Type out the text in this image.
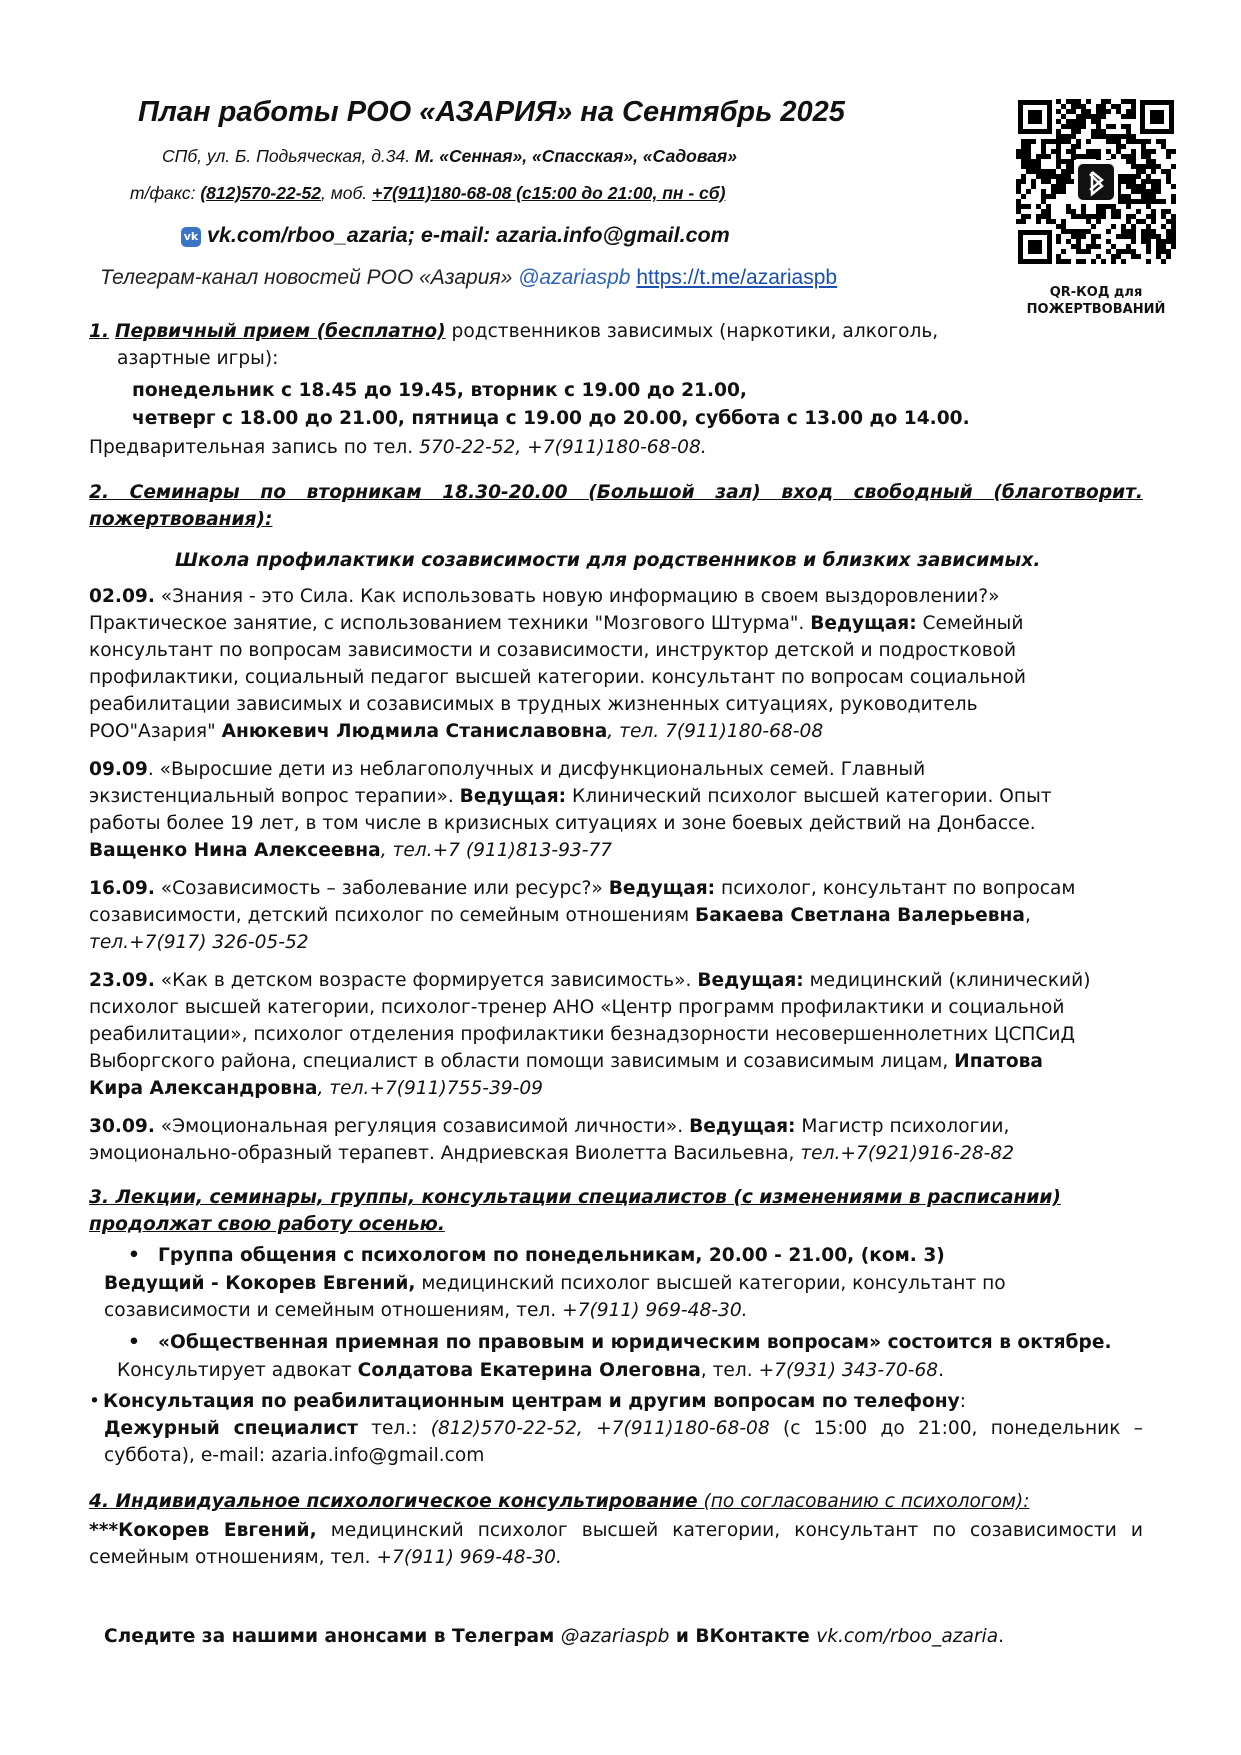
План работы РОО «АЗАРИЯ» на Сентябрь 2025
СПб, ул. Б. Подьяческая, д.34. М. «Сенная», «Спасская», «Садовая»
т/факс: (812)570-22-52, моб. +7(911)180-68-08 (с15:00 до 21:00, пн - сб)
vk vk.com/rboo_azaria; e-mail: azaria.info@gmail.com
Телеграм-канал новостей РОО «Азария» @azariaspb https://t.me/azariaspb
QR-КОД для
ПОЖЕРТВОВАНИЙ
1. Первичный прием (бесплатно) родственников зависимых (наркотики, алкоголь,
азартные игры):
понедельник с 18.45 до 19.45, вторник с 19.00 до 21.00,
четверг с 18.00 до 21.00, пятница с 19.00 до 20.00, суббота с 13.00 до 14.00.
Предварительная запись по тел. 570-22-52, +7(911)180-68-08.
2. Семинары по вторникам 18.30-20.00 (Большой зал) вход свободный (благотворит.
пожертвования):
Школа профилактики созависимости для родственников и близких зависимых.
02.09. «Знания - это Сила. Как использовать новую информацию в своем выздоровлении?»
Практическое занятие, с использованием техники "Мозгового Штурма". Ведущая: Семейный
консультант по вопросам зависимости и созависимости, инструктор детской и подростковой
профилактики, социальный педагог высшей категории. консультант по вопросам социальной
реабилитации зависимых и созависимых в трудных жизненных ситуациях, руководитель
РОО"Азария" Анюкевич Людмила Станиславовна, тел. 7(911)180-68-08
09.09. «Выросшие дети из неблагополучных и дисфункциональных семей. Главный
экзистенциальный вопрос терапии». Ведущая: Клинический психолог высшей категории. Опыт
работы более 19 лет, в том числе в кризисных ситуациях и зоне боевых действий на Донбассе.
Ващенко Нина Алексеевна, тел.+7 (911)813-93-77
16.09. «Созависимость – заболевание или ресурс?» Ведущая: психолог, консультант по вопросам
созависимости, детский психолог по семейным отношениям Бакаева Светлана Валерьевна,
тел.+7(917) 326-05-52
23.09. «Как в детском возрасте формируется зависимость». Ведущая: медицинский (клинический)
психолог высшей категории, психолог-тренер АНО «Центр программ профилактики и социальной
реабилитации», психолог отделения профилактики безнадзорности несовершеннолетних ЦСПСиД
Выборгского района, специалист в области помощи зависимым и созависимым лицам, Ипатова
Кира Александровна, тел.+7(911)755-39-09
30.09. «Эмоциональная регуляция созависимой личности». Ведущая: Магистр психологии,
эмоционально-образный терапевт. Андриевская Виолетта Васильевна, тел.+7(921)916-28-82
3. Лекции, семинары, группы, консультации специалистов (с изменениями в расписании)
продолжат свою работу осенью.
• Группа общения с психологом по понедельникам, 20.00 - 21.00, (ком. 3)
Ведущий - Кокорев Евгений, медицинский психолог высшей категории, консультант по
созависимости и семейным отношениям, тел. +7(911) 969-48-30.
• «Общественная приемная по правовым и юридическим вопросам» состоится в октябре.
Консультирует адвокат Солдатова Екатерина Олеговна, тел. +7(931) 343-70-68.
• Консультация по реабилитационным центрам и другим вопросам по телефону:
Дежурный специалист тел.: (812)570-22-52, +7(911)180-68-08 (с 15:00 до 21:00, понедельник –
суббота), e-mail: azaria.info@gmail.com
4. Индивидуальное психологическое консультирование (по согласованию с психологом):
***Кокорев Евгений, медицинский психолог высшей категории, консультант по созависимости и
семейным отношениям, тел. +7(911) 969-48-30.
Следите за нашими анонсами в Телеграм @azariaspb и ВКонтакте vk.com/rboo_azaria.
